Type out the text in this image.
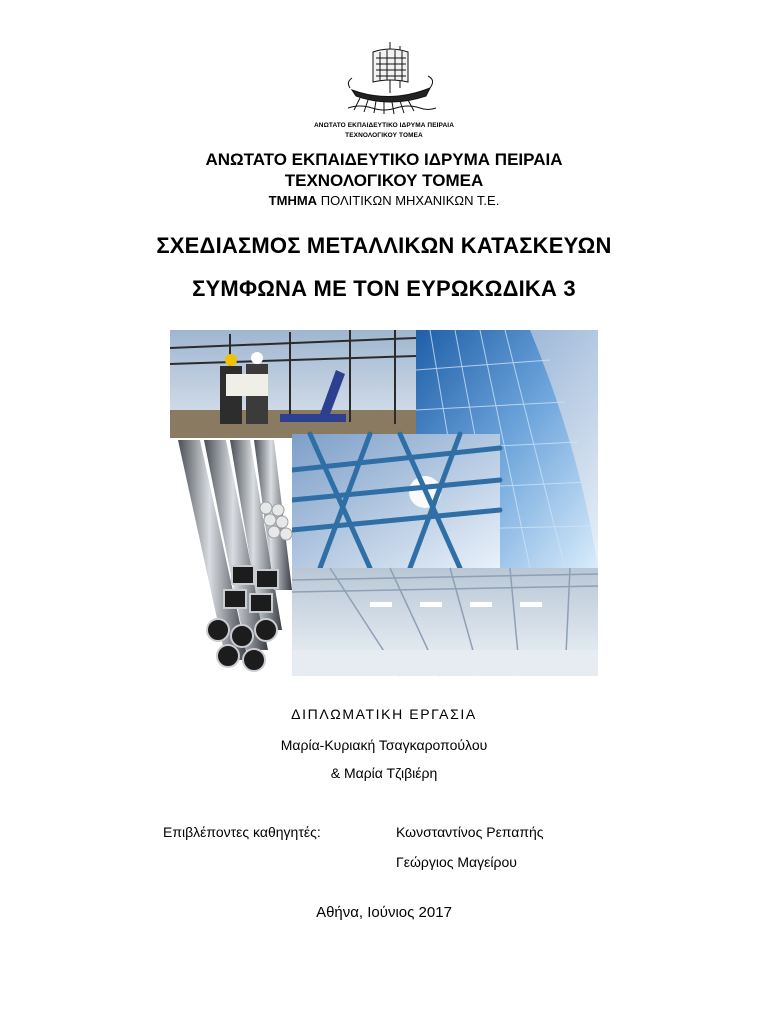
ΑΝΩΤΑΤΟ ΕΚΠΑΙΔΕΥΤΙΚΟ ΙΔΡΥΜΑ ΠΕΙΡΑΙΑ
ΤΕΧΝΟΛΟΓΙΚΟΥ ΤΟΜΕΑ
ΑΝΩΤΑΤΟ ΕΚΠΑΙΔΕΥΤΙΚΟ ΙΔΡΥΜΑ ΠΕΙΡΑΙΑ
ΤΕΧΝΟΛΟΓΙΚΟΥ ΤΟΜΕΑ
ΤΜΗΜΑ ΠΟΛΙΤΙΚΩΝ ΜΗΧΑΝΙΚΩΝ Τ.Ε.
ΣΧΕΔΙΑΣΜΟΣ ΜΕΤΑΛΛΙΚΩΝ ΚΑΤΑΣΚΕΥΩΝ
ΣΥΜΦΩΝΑ ΜΕ ΤΟΝ ΕΥΡΩΚΩΔΙΚΑ 3
ΔΙΠΛΩΜΑΤΙΚΗ ΕΡΓΑΣΙΑ
Μαρία-Κυριακή Τσαγκαροπούλου
& Μαρία Τζιβιέρη
Επιβλέποντες καθηγητές:	Κωνσταντίνος Ρεπαπής
Γεώργιος Μαγείρου
Αθήνα, Ιούνιος 2017
